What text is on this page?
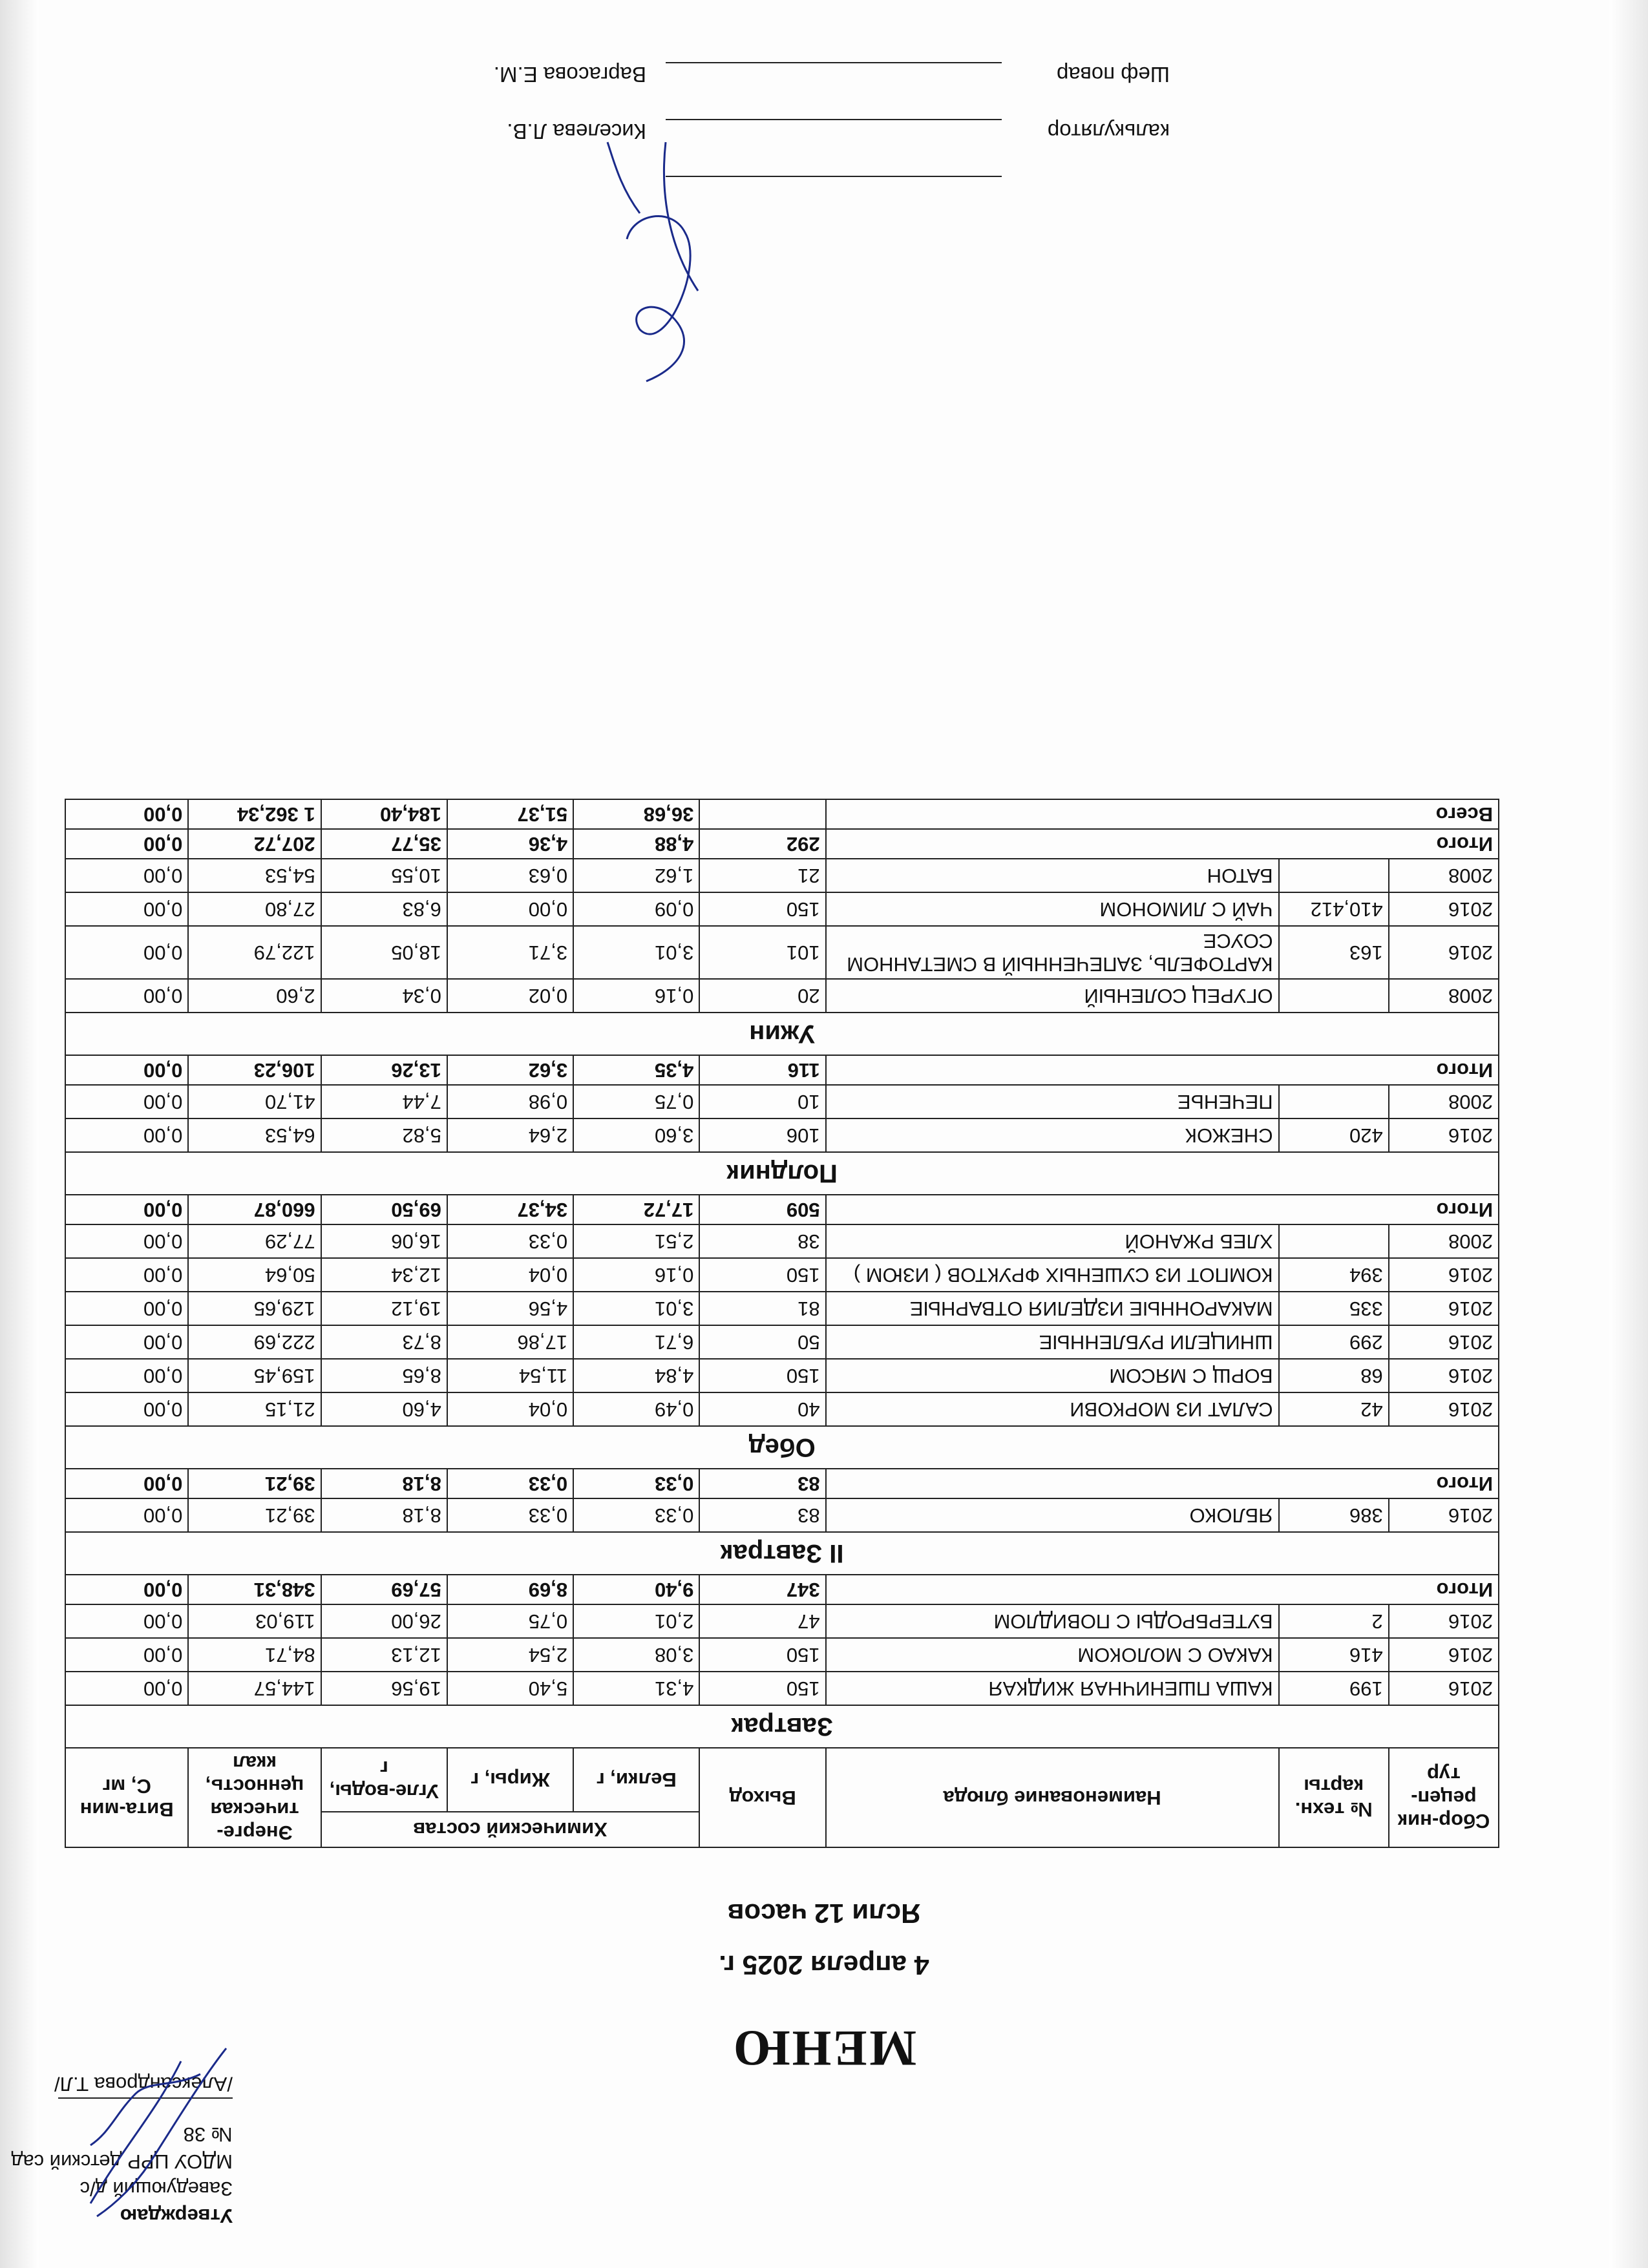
Утверждаю
Заведующий д/с
МДОУ ЦРР детский сад № 38
/Александрова Т.Л/
МЕНЮ
4 апреля 2025 г.
Ясли 12 часов
Сбор-ник рецеп-тур	№ техн. карты	Наименование блюда	Выход	Химический состав			Энерге-тическая ценность, ккал	Вита-мин С, мг
				Белки, г	Жиры, г	Угле-воды, г		
Завтрак								
2016	199	КАША ПШЕНИЧНАЯ ЖИДКАЯ	150	4,31	5,40	19,56	144,57	0,00
2016	416	КАКАО С МОЛОКОМ	150	3,08	2,54	12,13	84,71	0,00
2016	2	БУТЕРБРОДЫ С ПОВИДЛОМ	47	2,01	0,75	26,00	119,03	0,00
Итого			347	9,40	8,69	57,69	348,31	0,00
II Завтрак								
2016	386	ЯБЛОКО	83	0,33	0,33	8,18	39,21	0,00
Итого			83	0,33	0,33	8,18	39,21	0,00
Обед								
2016	42	САЛАТ ИЗ МОРКОВИ	40	0,49	0,04	4,60	21,15	0,00
2016	68	БОРЩ С МЯСОМ	150	4,84	11,54	8,65	159,45	0,00
2016	299	ШНИЦЕЛИ РУБЛЕННЫЕ	50	6,71	17,86	8,73	222,69	0,00
2016	335	МАКАРОННЫЕ ИЗДЕЛИЯ ОТВАРНЫЕ	81	3,01	4,56	19,12	129,65	0,00
2016	394	КОМПОТ ИЗ СУШЕНЫХ ФРУКТОВ ( ИЗЮМ )	150	0,16	0,04	12,34	50,64	0,00
2008		ХЛЕБ РЖАНОЙ	38	2,51	0,33	16,06	77,29	0,00
Итого			509	17,72	34,37	69,50	660,87	0,00
Полдник								
2016	420	СНЕЖОК	106	3,60	2,64	5,82	64,53	0,00
2008		ПЕЧЕНЬЕ	10	0,75	0,98	7,44	41,70	0,00
Итого			116	4,35	3,62	13,26	106,23	0,00
Ужин								
2008		ОГУРЕЦ СОЛЕНЫЙ	20	0,16	0,02	0,34	2,60	0,00
2016	163	КАРТОФЕЛЬ, ЗАПЕЧЕННЫЙ В СМЕТАННОМ СОУСЕ	101	3,01	3,71	18,05	122,79	0,00
2016	410,412	ЧАЙ С ЛИМОНОМ	150	0,09	0,00	6,83	27,80	0,00
2008		БАТОН	21	1,62	0,63	10,55	54,53	0,00
Итого			292	4,88	4,36	35,77	207,72	0,00
Всего				36,68	51,37	184,40	1 362,34	0,00
калькулятор
Киселева Л.В.
Шеф повар
Варгасова Е.М.
